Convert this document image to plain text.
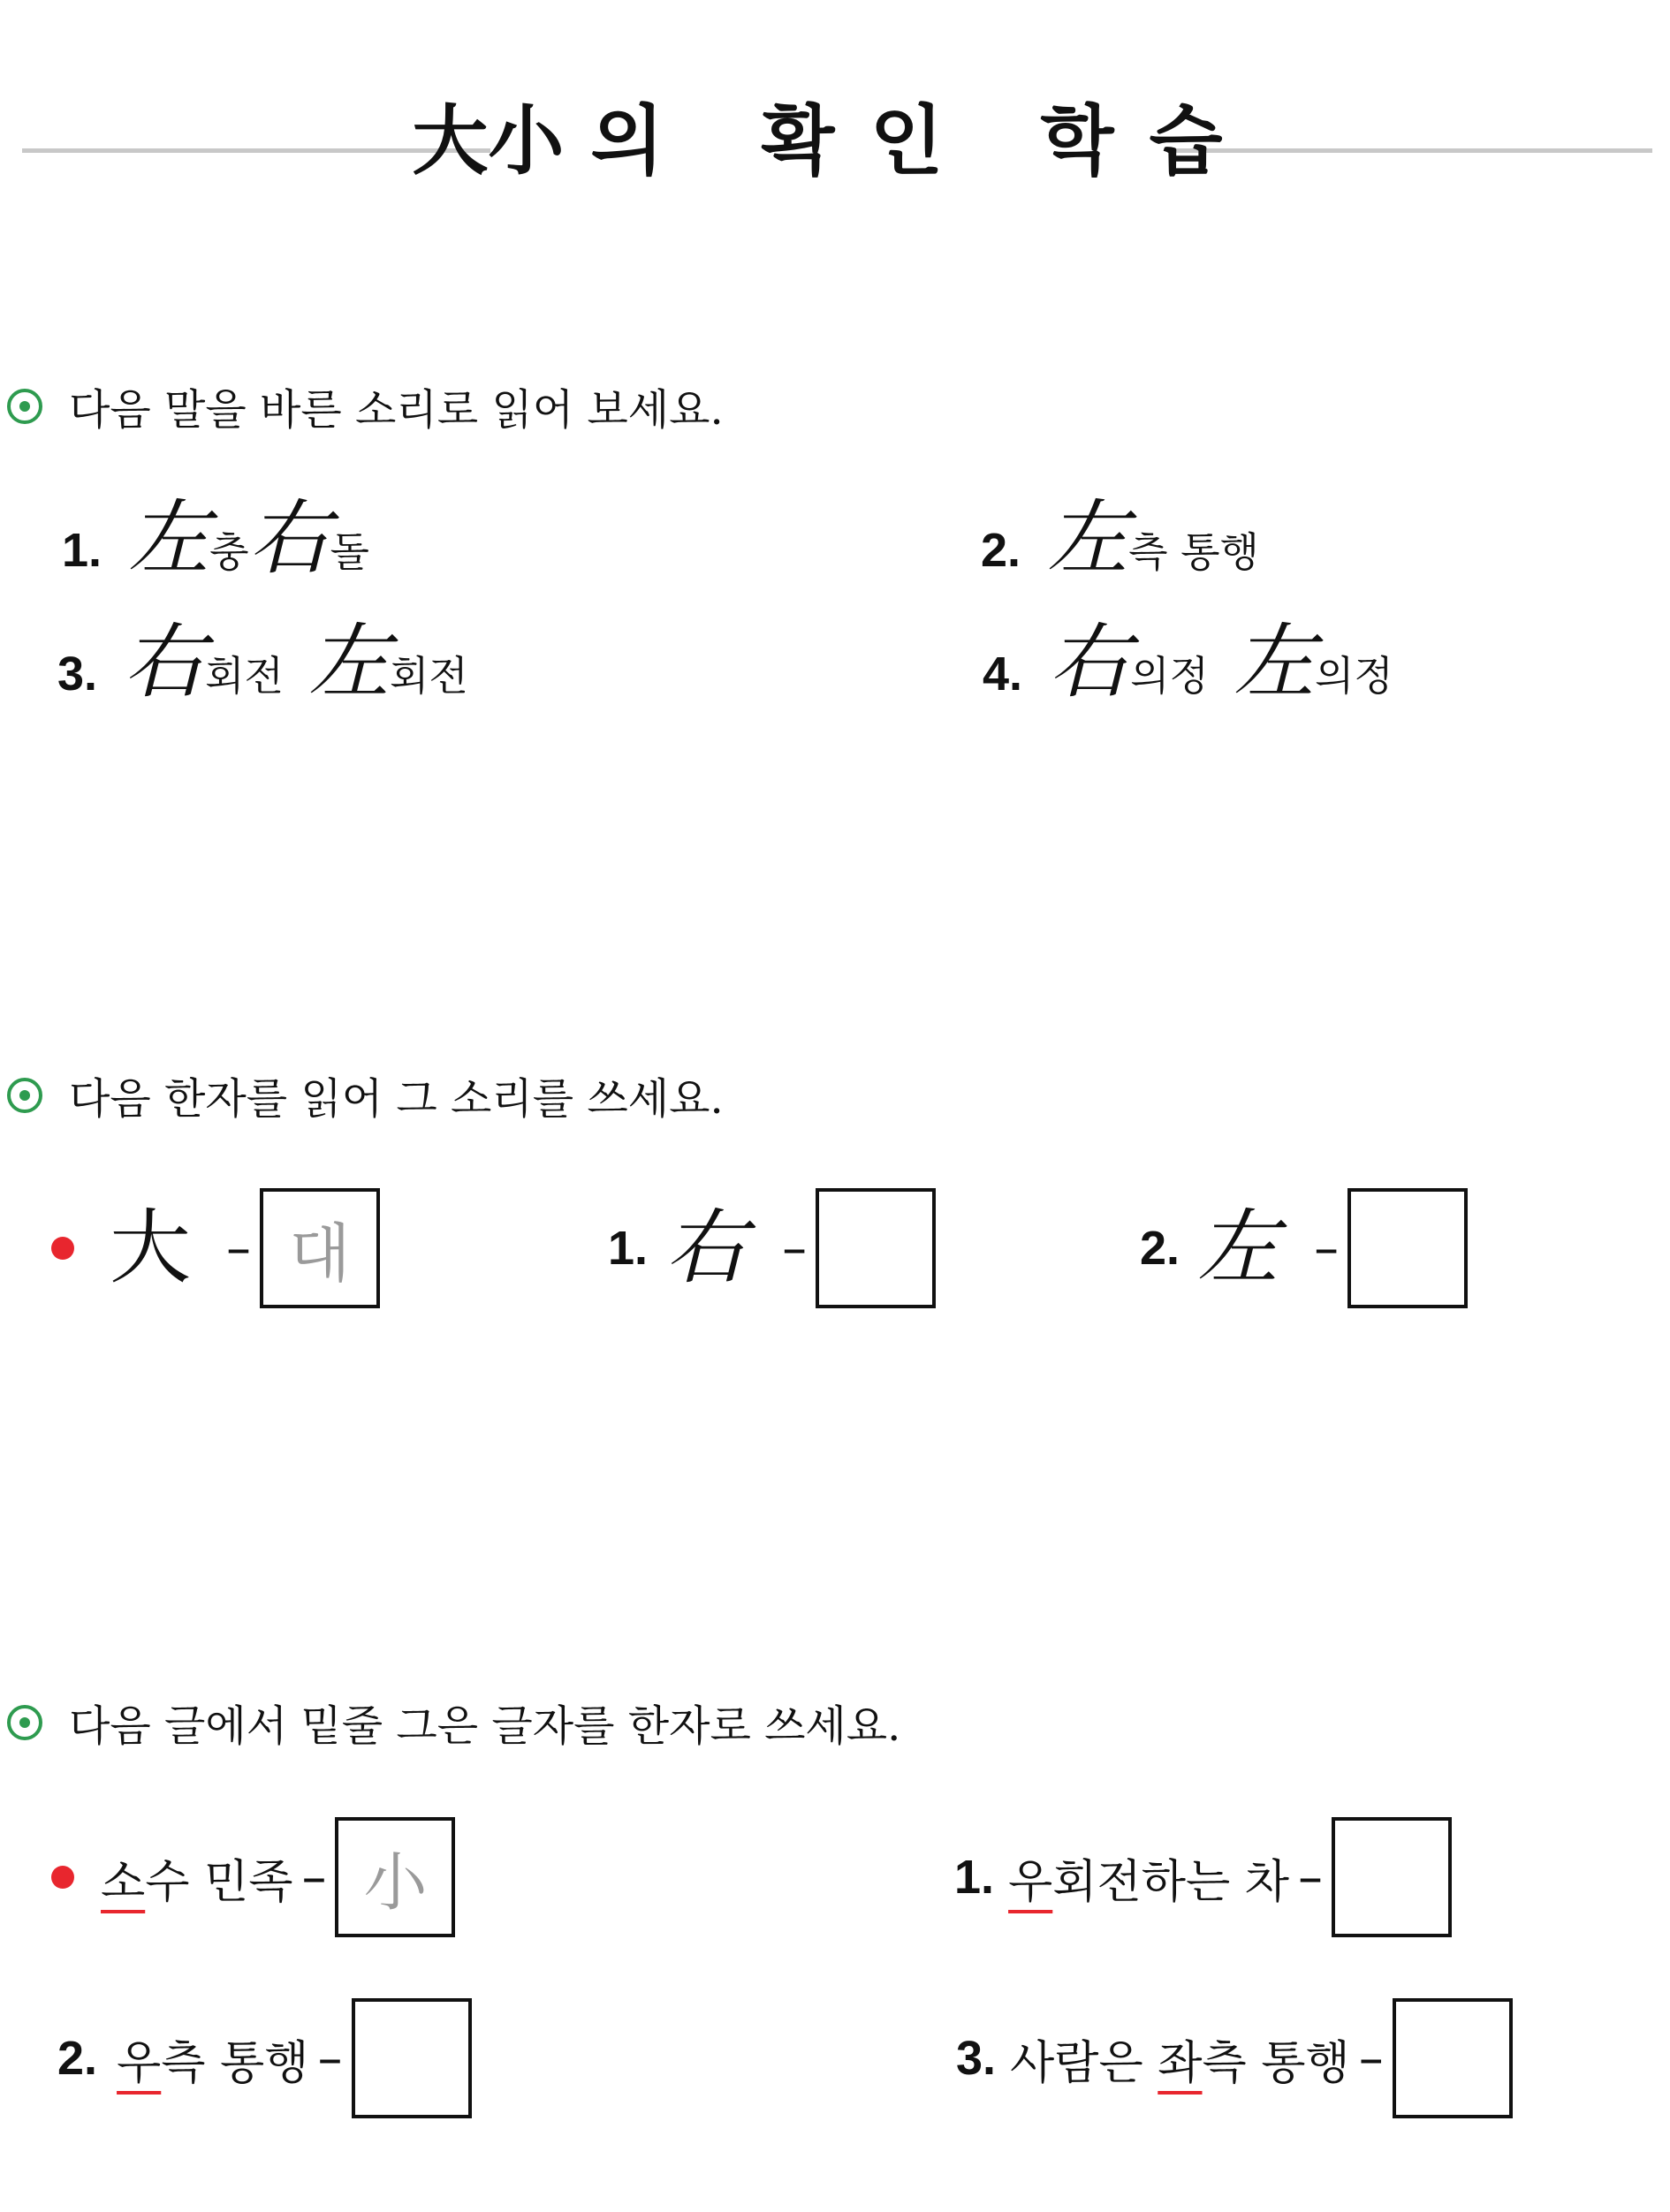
大小 의 확인 학습
다음 말을 바른 소리로 읽어 보세요.
1. 左 충 右 돌	2. 左 측 통행
3. 右 회전 左 회전	4. 右 의정 左 의정
다음 한자를 읽어 그 소리를 쓰세요.
大 – 대	1. 右 –	2. 左 –
다음 글에서 밑줄 그은 글자를 한자로 쓰세요.
소수 민족 – 小	1. 우회전하는 차 –
2. 우측 통행 –	3. 사람은 좌측 통행 –
